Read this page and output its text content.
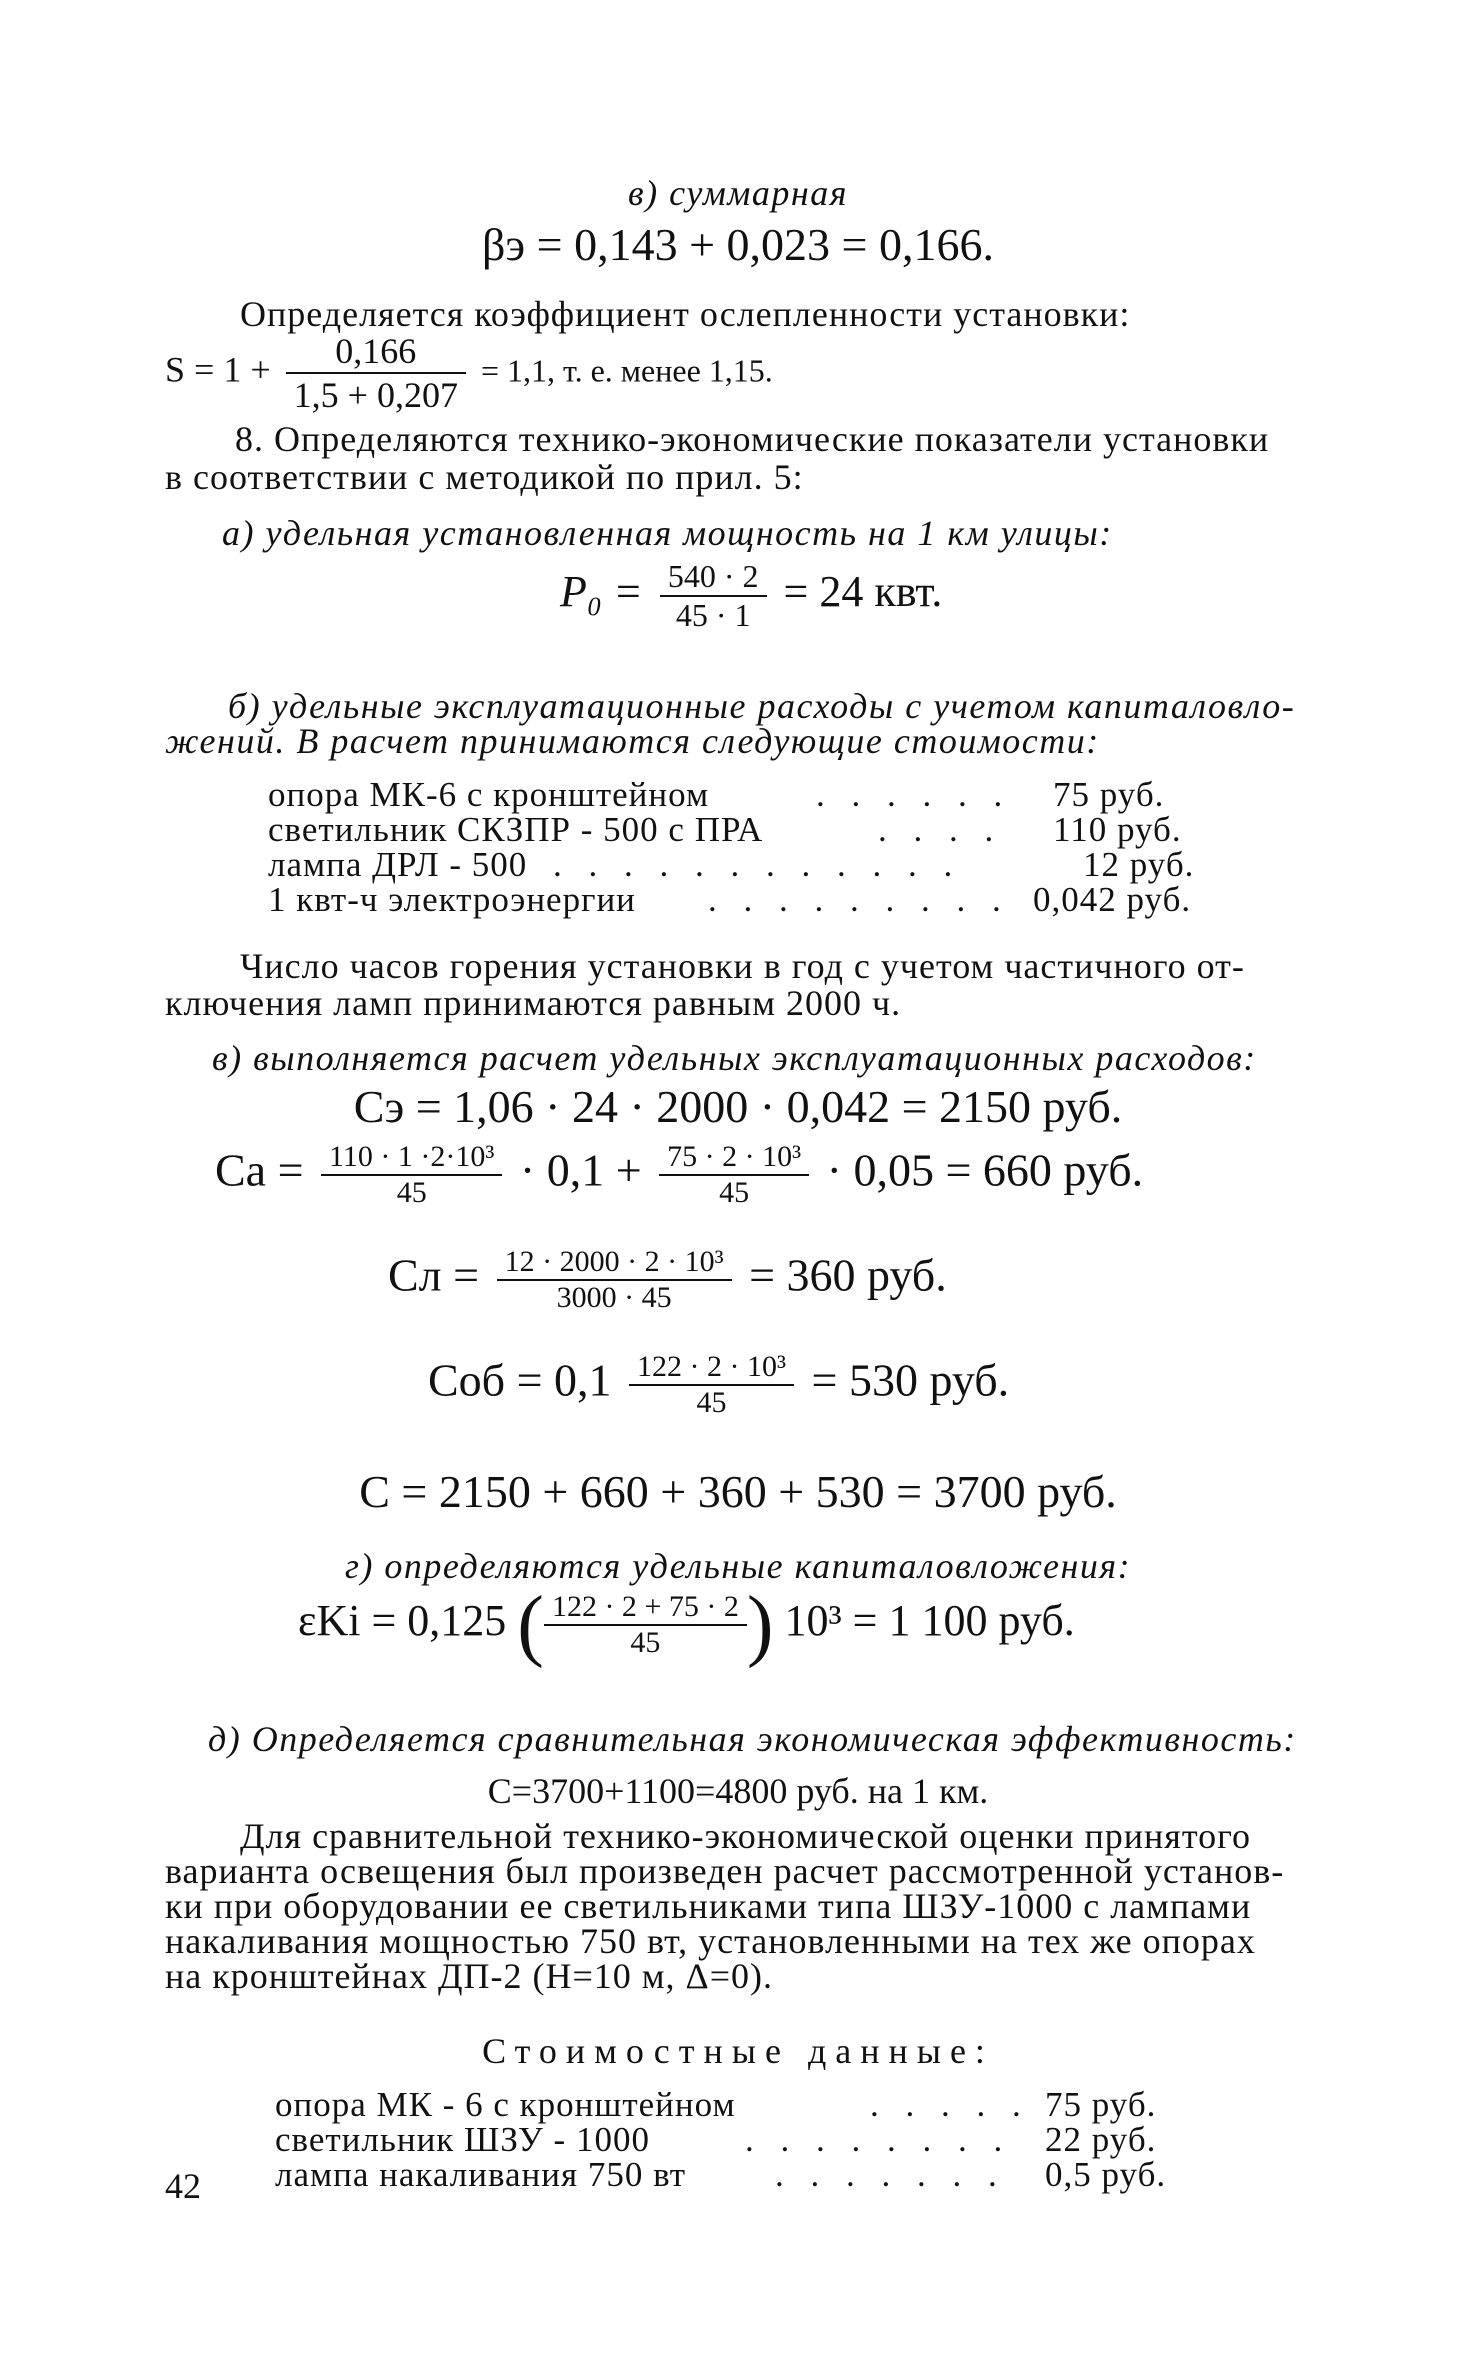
в) суммарная
βэ = 0,143 + 0,023 = 0,166.
Определяется коэффициент ослепленности установки:
$S = 1 + \frac{0,166}{1,5 + 0,207} = 1,1$, т. е. менее 1,15.
8. Определяются технико-экономические показатели установки
в соответствии с методикой по прил. 5:
а) удельная установленная мощность на 1 км улицы:
$P_0 = \frac{540 \cdot 2}{45 \cdot 1} = 24$ квт.
б) удельные эксплуатационные расходы с учетом капиталовло-
жений. В расчет принимаются следующие стоимости:
опора МК-6 с кронштейном	. . . . . . 75 руб.
светильник СКЗПР - 500 с ПРА	. . . . 110 руб.
лампа ДРЛ - 500 . . . . . . . . . . . .	12 руб.
1 квт-ч электроэнергии . . . . . . . . . 0,042 руб.
Число часов горения установки в год с учетом частичного от-
ключения ламп принимаются равным 2000 ч.
в) выполняется расчет удельных эксплуатационных расходов:
Cэ = 1,06 · 24 · 2000 · 0,042 = 2150 руб.
Cа = $\frac{\text{110 · 1 ·2·10³}}{45} \cdot 0,1 + \frac{\text{75 · 2 · 10³}}{45} \cdot 0,05 = 660$ руб.
Cл = $\frac{\text{12 · 2000 · 2 · 10³}}{3000 \cdot 45} = 360$ руб.
Cоб = $0,1 \frac{\text{122 · 2 · 10³}}{45} = 530$ руб.
C = 2150 + 660 + 360 + 530 = 3700 руб.
г) определяются удельные капиталовложения:
εKi = 0,125 ( $\frac{122 \cdot 2 + 75 \cdot 2}{45}$ ) 10³ = 1 100 руб.
д) Определяется сравнительная экономическая эффективность:
C=3700+1100=4800 руб. на 1 км.
Для сравнительной технико-экономической оценки принятого
варианта освещения был произведен расчет рассмотренной установ-
ки при оборудовании ее светильниками типа ШЗУ-1000 с лампами
накаливания мощностью 750 вт, установленными на тех же опорах
на кронштейнах ДП-2 (H=10 м, Δ=0).
Стоимостные данные:
опора МК - 6 с кронштейном	. . . . . 75 руб.
светильник ШЗУ - 1000	. . . . . . . . 22 руб.
лампа накаливания 750 вт	. . . . . . . 0,5 руб.
42
